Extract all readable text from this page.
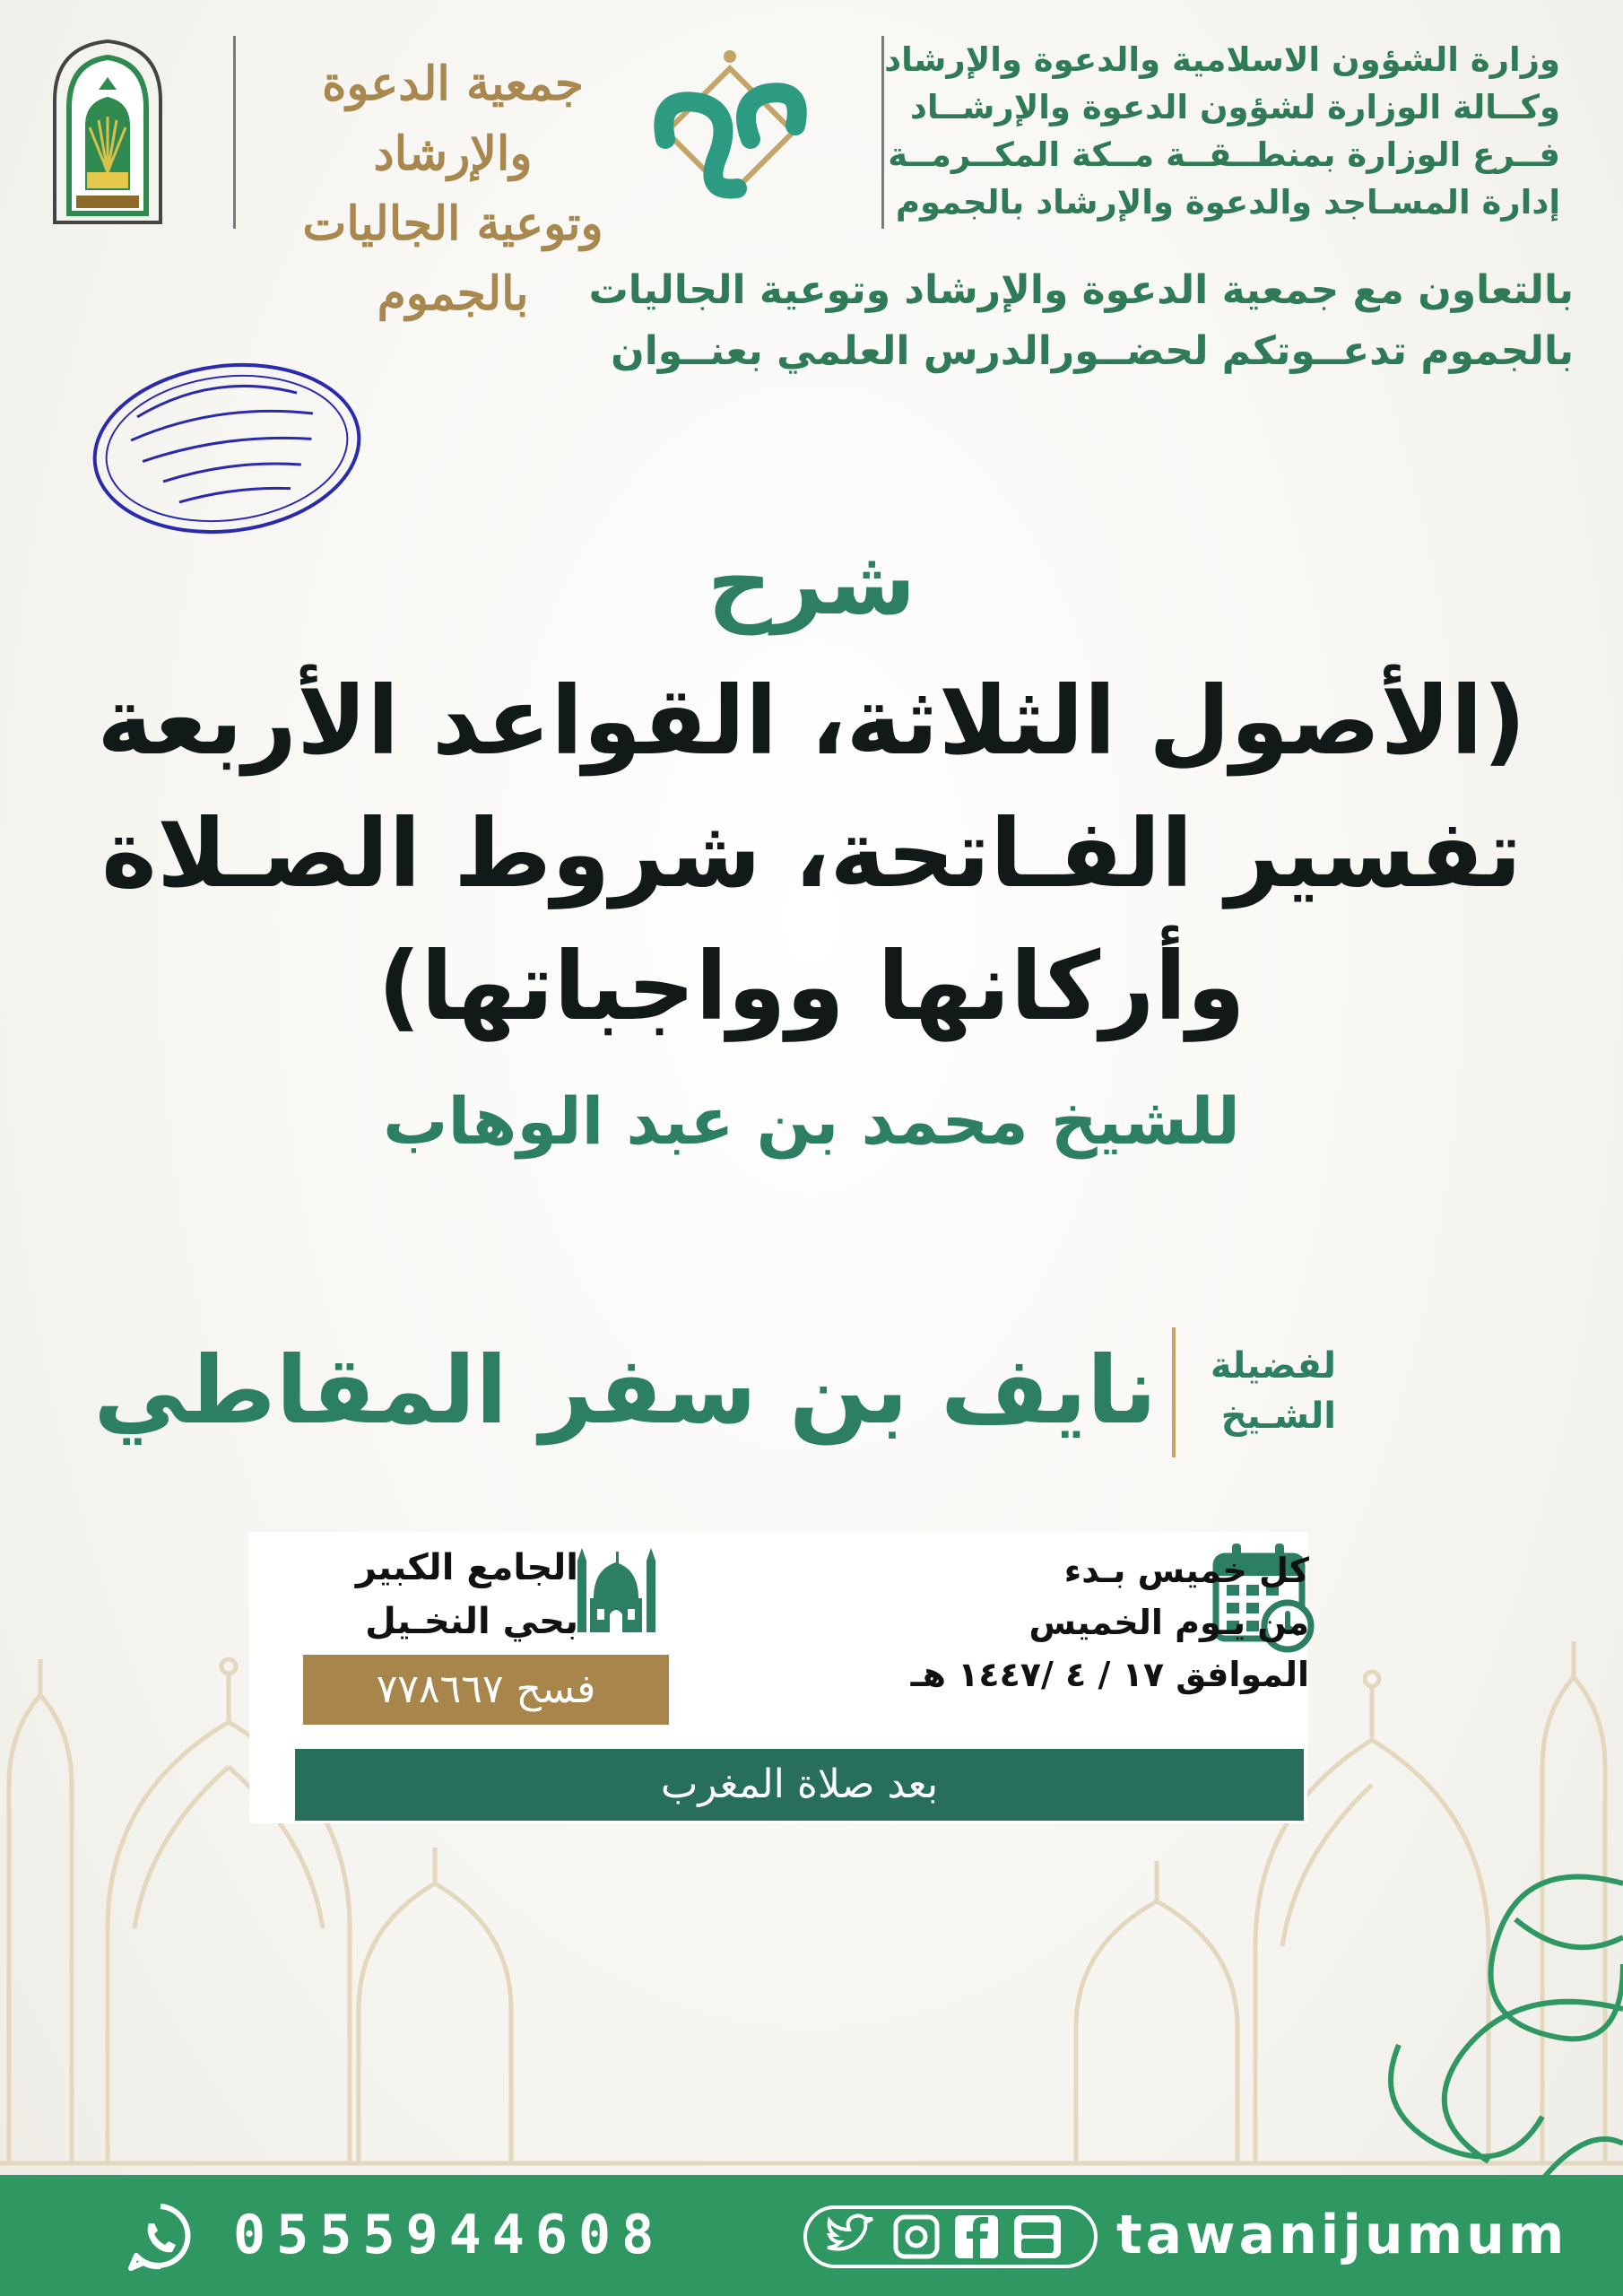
جمعية الدعوة والإرشاد
وتوعية الجاليات بالجموم
وزارة الشؤون الاسلامية والدعوة والإرشاد
وكــالة الوزارة لشؤون الدعوة والإرشــاد
فــرع الوزارة بمنطــقــة مــكة المكــرمــة
إدارة المسـاجد والدعوة والإرشاد بالجموم
بالتعاون مع جمعية الدعوة والإرشاد وتوعية الجاليات
بالجموم تدعــوتكم لحضــورالدرس العلمي بعنــوان
شرح
(الأصول الثلاثة، القواعد الأربعة
تفسير الفـاتحة، شروط الصـلاة
وأركانها وواجباتها)
للشيخ محمد بن عبد الوهاب
لفضيلة
الشـيخ
نايف بن سفر المقاطي
كل خميس بـدء
من يـوم الخميس
الموافق ١٧ / ٤ /١٤٤٧ هـ
الجامع الكبير
بحي النخـيل
فسح ٧٧٨٦٦٧
بعد صلاة المغرب
0555944608	tawanijumum
